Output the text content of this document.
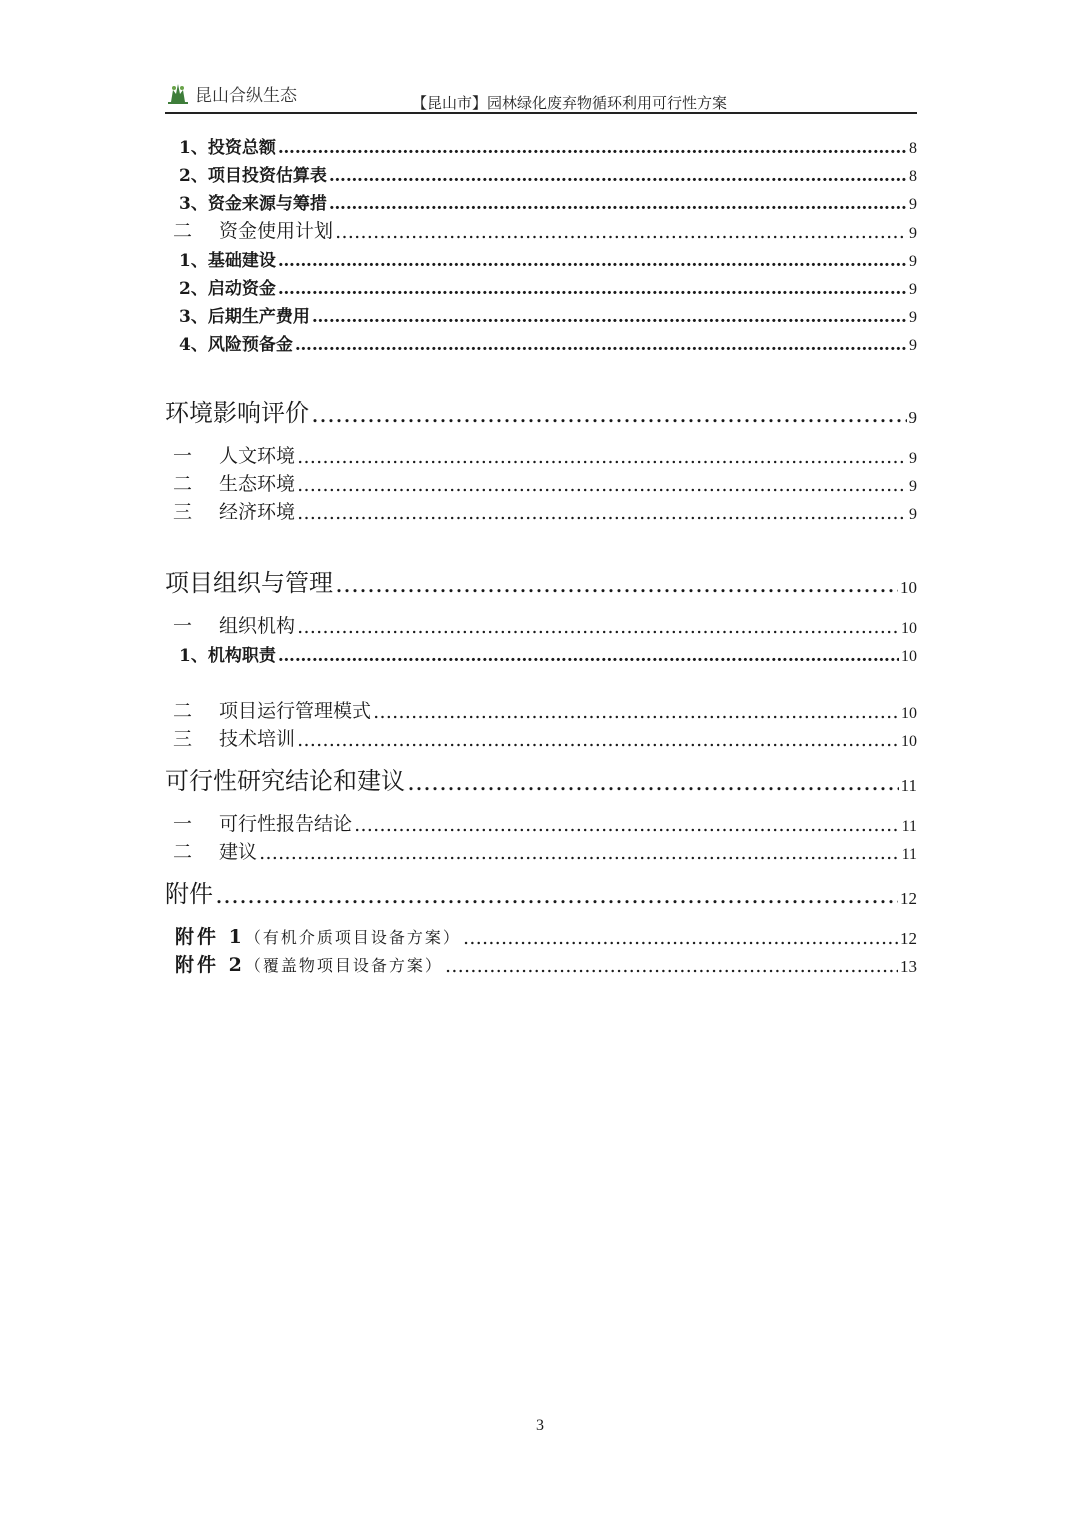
昆山合纵生态	【昆山市】园林绿化废弃物循环利用可行性方案
1、投资总额 ……………………………………………………………………………………………………………………………………………………………………………………………………	8
2、项目投资估算表 ……………………………………………………………………………………………………………………………………………………………………………………………………	8
3、资金来源与筹措 ……………………………………………………………………………………………………………………………………………………………………………………………………	9
二 资金使用计划 ……………………………………………………………………………………………………………………………………………………………………………………………………	9
1、基础建设 ……………………………………………………………………………………………………………………………………………………………………………………………………	9
2、启动资金 ……………………………………………………………………………………………………………………………………………………………………………………………………	9
3、后期生产费用 ……………………………………………………………………………………………………………………………………………………………………………………………………	9
4、风险预备金 ……………………………………………………………………………………………………………………………………………………………………………………………………	9
环境影响评价 ……………………………………………………………………………………………………………………………………………………………………………………………………	9
一 人文环境 ……………………………………………………………………………………………………………………………………………………………………………………………………	9
二 生态环境 ……………………………………………………………………………………………………………………………………………………………………………………………………	9
三 经济环境 ……………………………………………………………………………………………………………………………………………………………………………………………………	9
项目组织与管理 ……………………………………………………………………………………………………………………………………………………………………………………………………	10
一 组织机构 ……………………………………………………………………………………………………………………………………………………………………………………………………	10
1、机构职责 ……………………………………………………………………………………………………………………………………………………………………………………………………	10
二 项目运行管理模式 ……………………………………………………………………………………………………………………………………………………………………………………………………	10
三 技术培训 ……………………………………………………………………………………………………………………………………………………………………………………………………	10
可行性研究结论和建议 ……………………………………………………………………………………………………………………………………………………………………………………………………	11
一 可行性报告结论 ……………………………………………………………………………………………………………………………………………………………………………………………………	11
二 建议 ……………………………………………………………………………………………………………………………………………………………………………………………………	11
附件 ……………………………………………………………………………………………………………………………………………………………………………………………………	12
附件 1（有机介质项目设备方案） ……………………………………………………………………………………………………………………………………………………………………………………………………	12
附件 2（覆盖物项目设备方案） ……………………………………………………………………………………………………………………………………………………………………………………………………	13
3
